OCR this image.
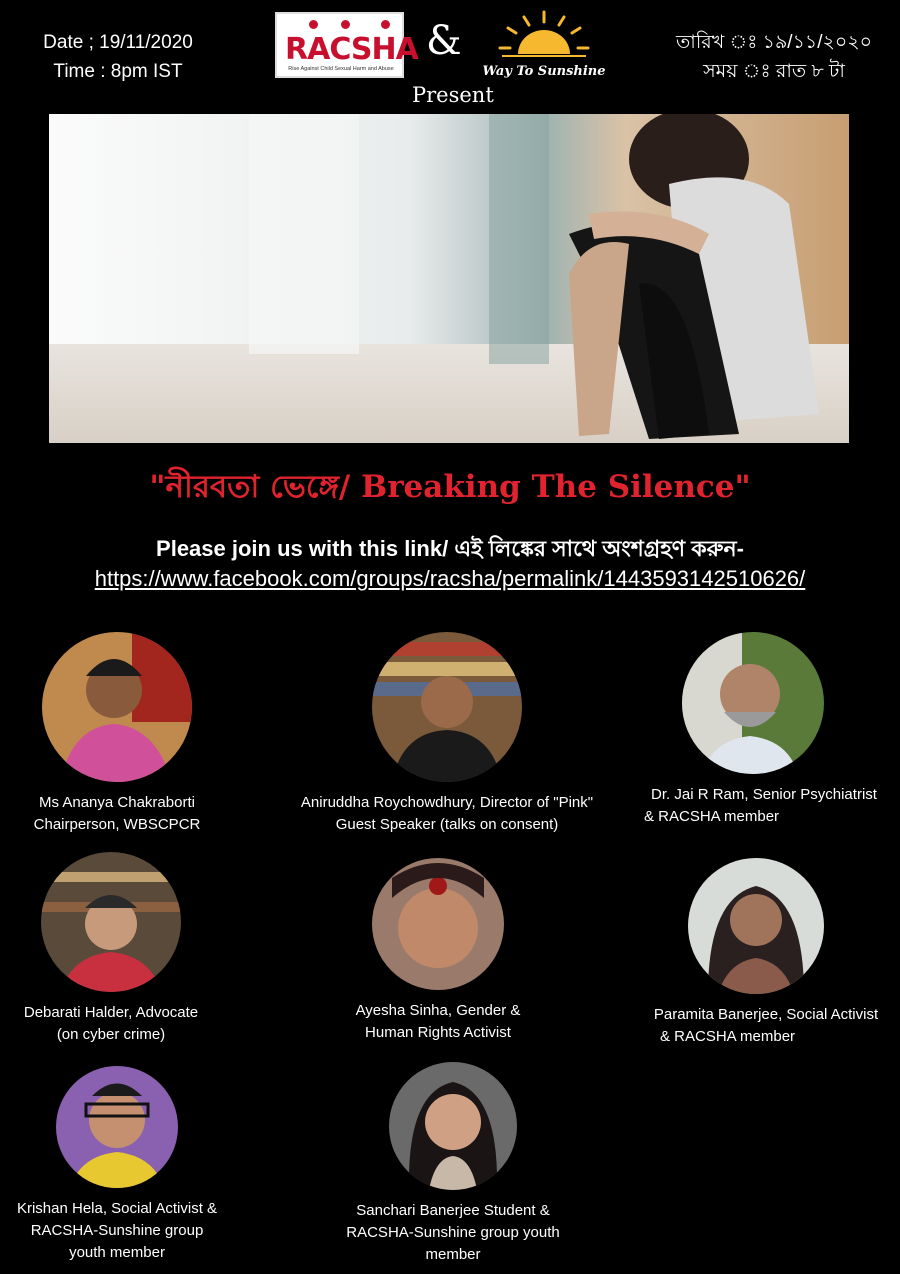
Date ; 19/11/2020
Time : 8pm IST
তারিখ ঃ ১৯/১১/২০২০
সময় ঃ রাত ৮ টা
RACSHA
Rise Against Child Sexual Harm and Abuse
&
Way To Sunshine
Present
"নীরবতা ভেঙ্গে/ Breaking The Silence"
Please join us with this link/ এই লিঙ্কের সাথে অংশগ্রহণ করুন-
https://www.facebook.com/groups/racsha/permalink/1443593142510626/
Ms Ananya Chakraborti
Chairperson, WBSCPCR
Aniruddha Roychowdhury, Director of "Pink"
Guest Speaker (talks on consent)
Dr. Jai R Ram, Senior Psychiatrist
& RACSHA member
Debarati Halder, Advocate
(on cyber crime)
Ayesha Sinha, Gender &
Human Rights Activist
Paramita Banerjee, Social Activist
& RACSHA member
Krishan Hela, Social Activist &
RACSHA-Sunshine group
youth member
Sanchari Banerjee Student &
RACSHA-Sunshine group youth
member
